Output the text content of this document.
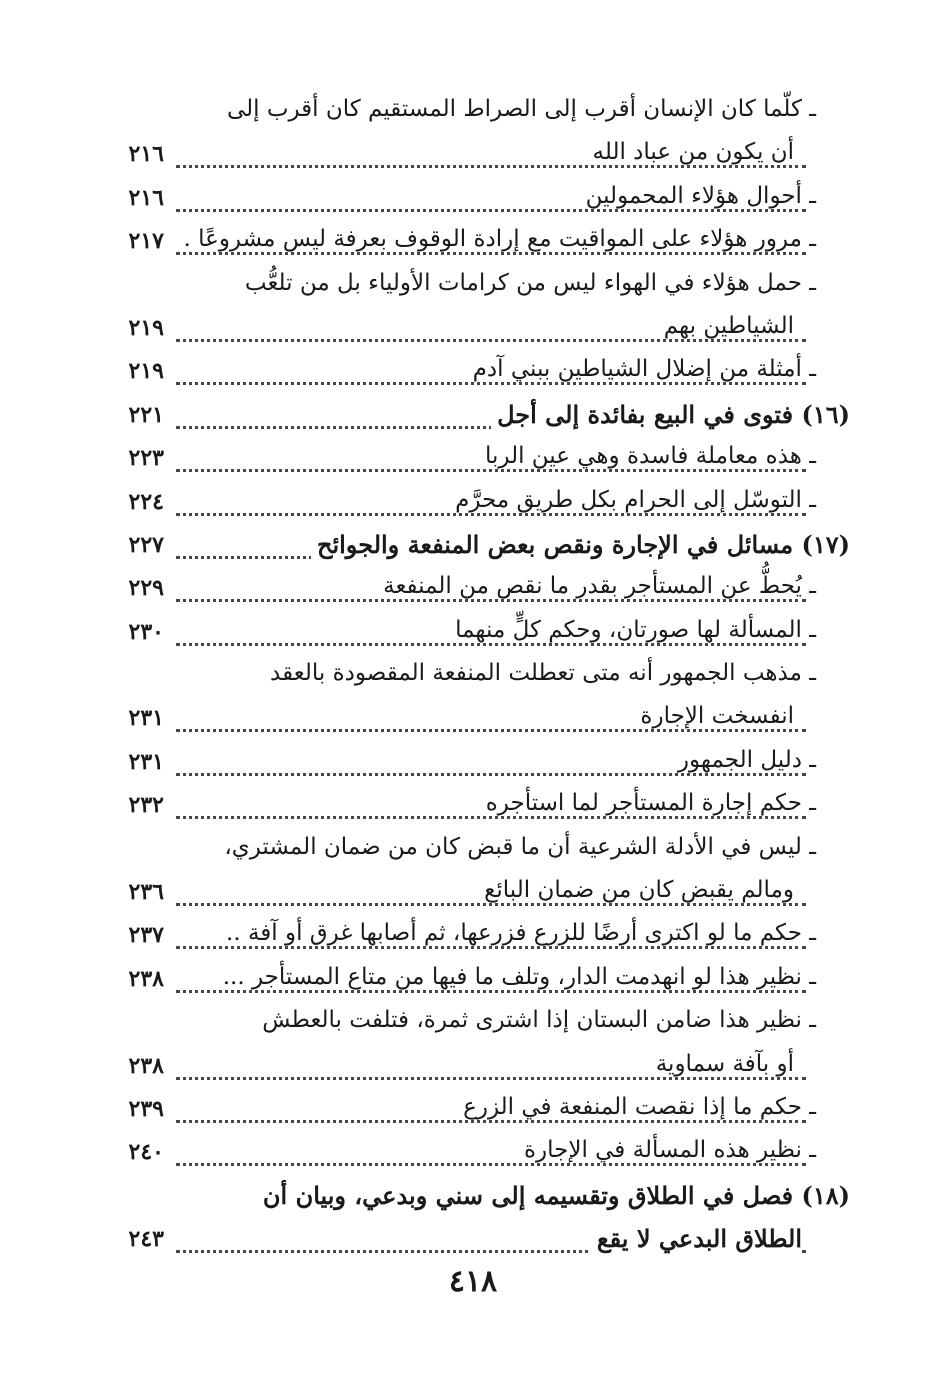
ـ كلّما كان الإنسان أقرب إلى الصراط المستقيم كان أقرب إلى
أن يكون من عباد الله
٢١٦
ـ أحوال هؤلاء المحمولين
٢١٦
ـ مرور هؤلاء على المواقيت مع إرادة الوقوف بعرفة ليس مشروعًا .
٢١٧
ـ حمل هؤلاء في الهواء ليس من كرامات الأولياء بل من تلعُّب
الشياطين بهم
٢١٩
ـ أمثلة من إضلال الشياطين ببني آدم
٢١٩
(١٦) فتوى في البيع بفائدة إلى أجل
٢٢١
ـ هذه معاملة فاسدة وهي عين الربا
٢٢٣
ـ التوسّل إلى الحرام بكل طريق محرَّم
٢٢٤
(١٧) مسائل في الإجارة ونقص بعض المنفعة والجوائح
٢٢٧
ـ يُحطُّ عن المستأجر بقدر ما نقص من المنفعة
٢٢٩
ـ المسألة لها صورتان، وحكم كلٍّ منهما
٢٣٠
ـ مذهب الجمهور أنه متى تعطلت المنفعة المقصودة بالعقد
انفسخت الإجارة
٢٣١
ـ دليل الجمهور
٢٣١
ـ حكم إجارة المستأجر لما استأجره
٢٣٢
ـ ليس في الأدلة الشرعية أن ما قبض كان من ضمان المشتري،
ومالم يقبض كان من ضمان البائع
٢٣٦
ـ حكم ما لو اكترى أرضًا للزرع فزرعها، ثم أصابها غرق أو آفة ..
٢٣٧
ـ نظير هذا لو انهدمت الدار، وتلف ما فيها من متاع المستأجر ...
٢٣٨
ـ نظير هذا ضامن البستان إذا اشترى ثمرة، فتلفت بالعطش
أو بآفة سماوية
٢٣٨
ـ حكم ما إذا نقصت المنفعة في الزرع
٢٣٩
ـ نظير هذه المسألة في الإجارة
٢٤٠
(١٨) فصل في الطلاق وتقسيمه إلى سني وبدعي، وبيان أن
الطلاق البدعي لا يقع
٢٤٣
٤١٨
